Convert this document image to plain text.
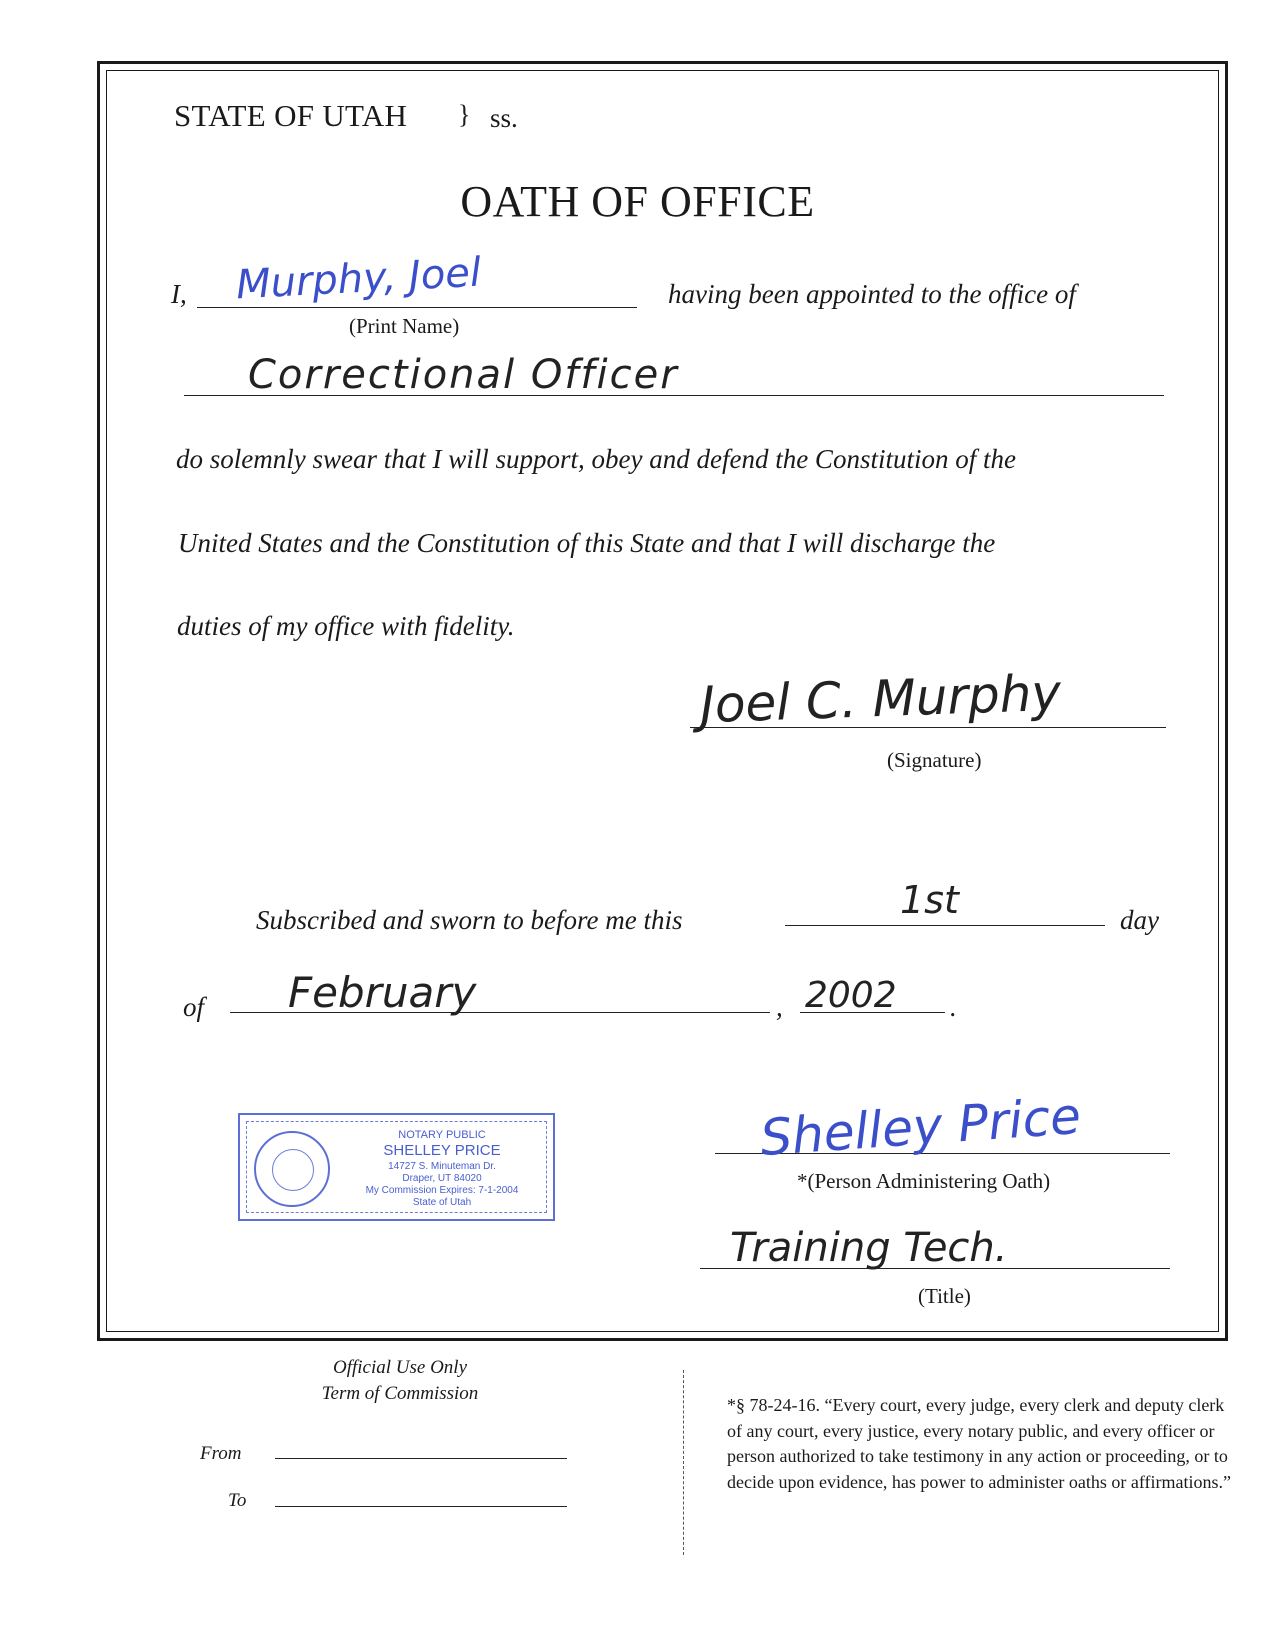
STATE OF UTAH } ss.
OATH OF OFFICE
I, Murphy, Joel
(Print Name)
having been appointed to the office of
Correctional Officer
do solemnly swear that I will support, obey and defend the Constitution of the
United States and the Constitution of this State and that I will discharge the
duties of my office with fidelity.
Joel C. Murphy
(Signature)
Subscribed and sworn to before me this	1st	day
of February	, 2002 .
NOTARY PUBLIC
SHELLEY PRICE
14727 S. Minuteman Dr.
Draper, UT 84020
My Commission Expires: 7-1-2004
State of Utah
Shelley Price
*(Person Administering Oath)
Training Tech.
(Title)
Official Use Only
Term of Commission
From
To
*§ 78-24-16. “Every court, every judge, every clerk and deputy clerk of any court, every justice, every notary public, and every officer or person authorized to take testimony in any action or proceeding, or to decide upon evidence, has power to administer oaths or affirmations.”
